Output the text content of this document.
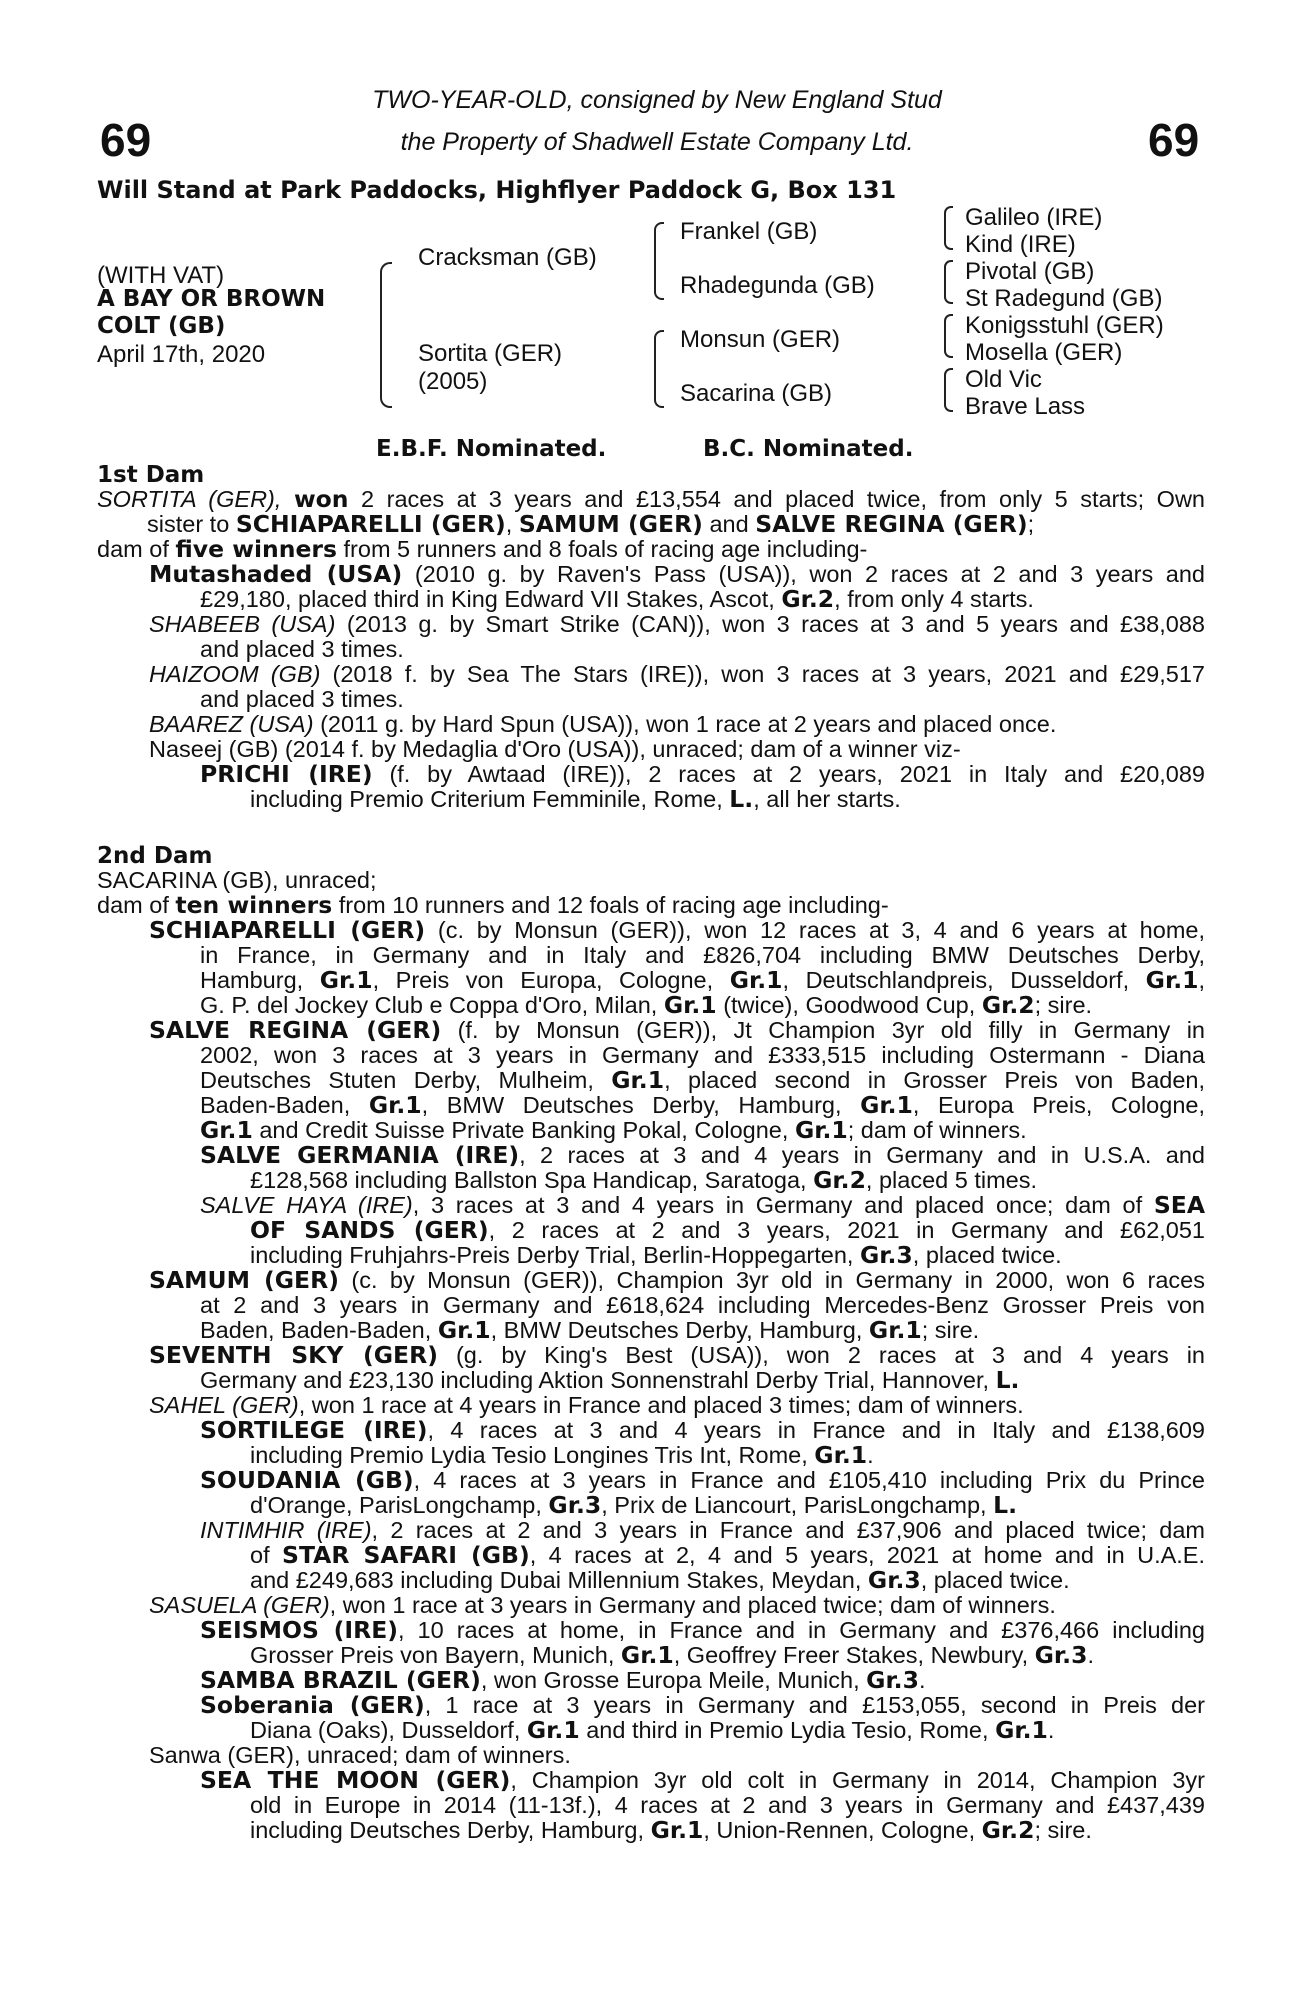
69	69
TWO-YEAR-OLD, consigned by New England Stud
the Property of Shadwell Estate Company Ltd.
Will Stand at Park Paddocks, Highflyer Paddock G, Box 131
(WITH VAT)
A BAY OR BROWN
COLT (GB)
April 17th, 2020
Cracksman (GB)
Sortita (GER)
(2005)
Frankel (GB)
Rhadegunda (GB)
Monsun (GER)
Sacarina (GB)
Galileo (IRE)
Kind (IRE)
Pivotal (GB)
St Radegund (GB)
Konigsstuhl (GER)
Mosella (GER)
Old Vic
Brave Lass
E.B.F. Nominated.	B.C. Nominated.
1st Dam
SORTITA (GER), won 2 races at 3 years and £13,554 and placed twice, from only 5 starts; Own
sister to SCHIAPARELLI (GER), SAMUM (GER) and SALVE REGINA (GER);
dam of five winners from 5 runners and 8 foals of racing age including-
Mutashaded (USA) (2010 g. by Raven's Pass (USA)), won 2 races at 2 and 3 years and
£29,180, placed third in King Edward VII Stakes, Ascot, Gr.2, from only 4 starts.
SHABEEB (USA) (2013 g. by Smart Strike (CAN)), won 3 races at 3 and 5 years and £38,088
and placed 3 times.
HAIZOOM (GB) (2018 f. by Sea The Stars (IRE)), won 3 races at 3 years, 2021 and £29,517
and placed 3 times.
BAAREZ (USA) (2011 g. by Hard Spun (USA)), won 1 race at 2 years and placed once.
Naseej (GB) (2014 f. by Medaglia d'Oro (USA)), unraced; dam of a winner viz-
PRICHI (IRE) (f. by Awtaad (IRE)), 2 races at 2 years, 2021 in Italy and £20,089
including Premio Criterium Femminile, Rome, L., all her starts.
2nd Dam
SACARINA (GB), unraced;
dam of ten winners from 10 runners and 12 foals of racing age including-
SCHIAPARELLI (GER) (c. by Monsun (GER)), won 12 races at 3, 4 and 6 years at home,
in France, in Germany and in Italy and £826,704 including BMW Deutsches Derby,
Hamburg, Gr.1, Preis von Europa, Cologne, Gr.1, Deutschlandpreis, Dusseldorf, Gr.1,
G. P. del Jockey Club e Coppa d'Oro, Milan, Gr.1 (twice), Goodwood Cup, Gr.2; sire.
SALVE REGINA (GER) (f. by Monsun (GER)), Jt Champion 3yr old filly in Germany in
2002, won 3 races at 3 years in Germany and £333,515 including Ostermann - Diana
Deutsches Stuten Derby, Mulheim, Gr.1, placed second in Grosser Preis von Baden,
Baden-Baden, Gr.1, BMW Deutsches Derby, Hamburg, Gr.1, Europa Preis, Cologne,
Gr.1 and Credit Suisse Private Banking Pokal, Cologne, Gr.1; dam of winners.
SALVE GERMANIA (IRE), 2 races at 3 and 4 years in Germany and in U.S.A. and
£128,568 including Ballston Spa Handicap, Saratoga, Gr.2, placed 5 times.
SALVE HAYA (IRE), 3 races at 3 and 4 years in Germany and placed once; dam of SEA
OF SANDS (GER), 2 races at 2 and 3 years, 2021 in Germany and £62,051
including Fruhjahrs-Preis Derby Trial, Berlin-Hoppegarten, Gr.3, placed twice.
SAMUM (GER) (c. by Monsun (GER)), Champion 3yr old in Germany in 2000, won 6 races
at 2 and 3 years in Germany and £618,624 including Mercedes-Benz Grosser Preis von
Baden, Baden-Baden, Gr.1, BMW Deutsches Derby, Hamburg, Gr.1; sire.
SEVENTH SKY (GER) (g. by King's Best (USA)), won 2 races at 3 and 4 years in
Germany and £23,130 including Aktion Sonnenstrahl Derby Trial, Hannover, L.
SAHEL (GER), won 1 race at 4 years in France and placed 3 times; dam of winners.
SORTILEGE (IRE), 4 races at 3 and 4 years in France and in Italy and £138,609
including Premio Lydia Tesio Longines Tris Int, Rome, Gr.1.
SOUDANIA (GB), 4 races at 3 years in France and £105,410 including Prix du Prince
d'Orange, ParisLongchamp, Gr.3, Prix de Liancourt, ParisLongchamp, L.
INTIMHIR (IRE), 2 races at 2 and 3 years in France and £37,906 and placed twice; dam
of STAR SAFARI (GB), 4 races at 2, 4 and 5 years, 2021 at home and in U.A.E.
and £249,683 including Dubai Millennium Stakes, Meydan, Gr.3, placed twice.
SASUELA (GER), won 1 race at 3 years in Germany and placed twice; dam of winners.
SEISMOS (IRE), 10 races at home, in France and in Germany and £376,466 including
Grosser Preis von Bayern, Munich, Gr.1, Geoffrey Freer Stakes, Newbury, Gr.3.
SAMBA BRAZIL (GER), won Grosse Europa Meile, Munich, Gr.3.
Soberania (GER), 1 race at 3 years in Germany and £153,055, second in Preis der
Diana (Oaks), Dusseldorf, Gr.1 and third in Premio Lydia Tesio, Rome, Gr.1.
Sanwa (GER), unraced; dam of winners.
SEA THE MOON (GER), Champion 3yr old colt in Germany in 2014, Champion 3yr
old in Europe in 2014 (11-13f.), 4 races at 2 and 3 years in Germany and £437,439
including Deutsches Derby, Hamburg, Gr.1, Union-Rennen, Cologne, Gr.2; sire.
